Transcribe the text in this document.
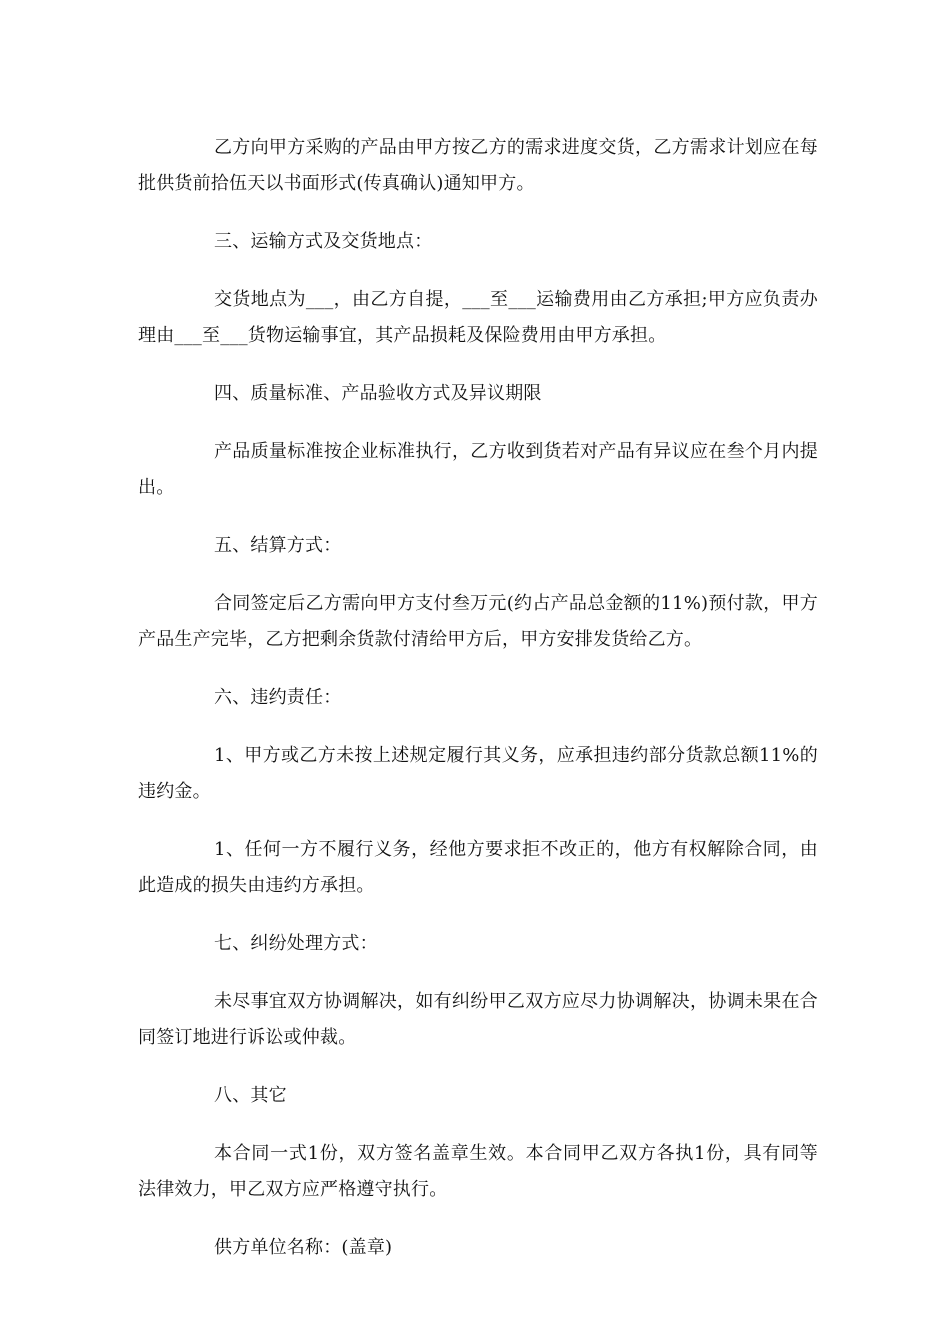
乙方向甲方采购的产品由甲方按乙方的需求进度交货，乙方需求计划应在每批供货前拾伍天以书面形式(传真确认)通知甲方。

三、运输方式及交货地点：

交货地点为___，由乙方自提，___至___运输费用由乙方承担;甲方应负责办理由___至___货物运输事宜，其产品损耗及保险费用由甲方承担。

四、质量标准、产品验收方式及异议期限

产品质量标准按企业标准执行，乙方收到货若对产品有异议应在叁个月内提出。

五、结算方式：

合同签定后乙方需向甲方支付叁万元(约占产品总金额的11%)预付款，甲方产品生产完毕，乙方把剩余货款付清给甲方后，甲方安排发货给乙方。

六、违约责任：

1、甲方或乙方未按上述规定履行其义务，应承担违约部分货款总额11%的违约金。

1、任何一方不履行义务，经他方要求拒不改正的，他方有权解除合同，由此造成的损失由违约方承担。

七、纠纷处理方式：

未尽事宜双方协调解决，如有纠纷甲乙双方应尽力协调解决，协调未果在合同签订地进行诉讼或仲裁。

八、其它

本合同一式1份，双方签名盖章生效。本合同甲乙双方各执1份，具有同等法律效力，甲乙双方应严格遵守执行。

供方单位名称：(盖章)
